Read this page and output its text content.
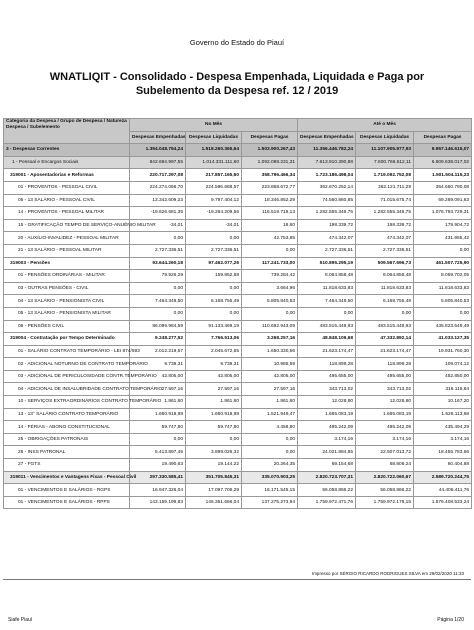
Governo do Estado do Piauí
WNATLIQIT - Consolidado - Despesa Empenhada, Liquidada e Paga por Subelemento da Despesa ref. 12 / 2019
Categoria da Despesa / Grupo de Despesa / Natureza Despesa / Subelemento	No Mês			Até o Mês		
	Despesas Empenhadas	Despesas Liquidadas	Despesas Pagas	Despesas Empenhadas	Despesas Liquidadas	Despesas Pagas
3 - Despesas Correntes	1.394.048.794,24	1.518.260.365,64	1.503.900.267,43	11.356.446.782,24	11.107.905.977,93	9.957.146.615,07
1 - Pessoal e Encargos Sociais	842.694.997,55	1.014.331.111,60	1.092.098.231,31	7.613.910.390,88	7.600.766.512,11	6.609.638.017,02
319001 - Aposentadorias e Reformas	220.717.297,08	217.857.165,60	358.796.466,34	1.723.186.498,04	1.719.092.752,08	1.501.504.115,23
01 - PROVENTOS - PESSOAL CIVIL	224.274.066,70	224.596.668,57	223.868.672,77	362.670.252,14	362.121.711,29	354.660.790,08
05 - 13 SALÁRIO - PESSOAL CIVIL	13.342.609,23	9.797.404,12	18.346.852,29	74.560.860,85	71.015.675,74	69.269.091,63
14 - PROVENTOS - PESSOAL MILITAR	-19.626.681,35	-19.264.209,56	116.519.719,13	1.282.555.346,75	1.282.555.346,75	1.076.793.729,31
15 - GRATIFICAÇÃO TEMPO DE SERVIÇO-ANUÊNIO MILITAR	-34,01	-34,01	18,60	198.339,72	198.339,72	179.904,72
20 - AUXÍLIO-INVALIDEZ - PESSOAL MILITAR	0,00	0,00	42.753,85	474.342,07	474.342,07	431.955,42
21 - 13 SALÁRIO - PESSOAL MILITAR	2.727.336,51	2.727.336,51	0,00	2.727.336,51	2.727.336,51	0,00
319003 - Pensões	93.644.260,18	97.462.077,26	117.241.733,00	510.895.295,19	509.567.696,73	461.507.725,90
01 - PENSÕES ORDINÁRIAS - MILITAR	79.926,29	159.852,58	739.284,42	8.064.858,48	8.064.858,48	8.059.702,05
03 - OUTRAS PENSÕES - CIVIL	0,00	0,00	3.664,96	11.818.633,83	11.818.633,83	11.818.633,83
04 - 13 SALÁRIO - PENSIONISTA CIVIL	7.464.349,50	6.168.755,49	5.805.840,53	7.464.349,50	6.168.755,49	5.805.840,53
05 - 13 SALÁRIO - PENSIONISTA MILITAR	0,00	0,00	0,00	0,00	0,00	0,00
06 - PENSÕES CIVIL	86.099.984,59	91.133.469,19	110.692.943,09	483.515.449,93	483.515.448,93	435.823.549,49
319004 - Contratação por Tempo Determinado	9.248.277,52	7.766.513,06	3.268.257,16	48.848.109,68	47.332.892,14	41.033.127,35
01 - SALÁRIO CONTRATO TEMPORÁRIO - LEI 874/593	2.012.219,57	2.045.672,65	1.650.330,56	21.623.174,47	21.623.174,47	19.931.760,30
02 - ADICIONAL NOTURNO DE CONTRATO TEMPORÁRIO	9.739,31	9.739,31	10.985,59	118.899,28	118.899,28	109.074,12
03 - ADICIONAL DE PERICULOSIDADE CONTR.TEMPORÁRIO	42.805,00	42.805,00	42.805,00	495.655,00	495.655,00	452.850,00
04 - ADICIONAL DE INSALUBRIDADE CONTRATO TEMPORÁRIO	27.597,16	27.597,16	27.597,16	343.713,02	343.713,02	316.115,84
10 - SERVIÇOS EXTRAORDINÁRIOS CONTRATO TEMPORÁRIO	1.861,60	1.861,60	1.861,60	12.028,80	12.028,80	10.167,20
13 - 13° SALÁRIO CONTRATO TEMPORÁRIO	1.660.918,98	1.660.918,98	1.521.949,47	1.665.083,19	1.665.083,19	1.526.113,68
14 - FÉRIAS - ABONO CONSTITUCIONAL	59.747,80	59.747,80	4.458,80	495.242,09	495.242,09	435.494,29
25 - OBRIGAÇÕES PATRONAIS	0,00	0,00	0,00	3.174,16	3.174,16	3.174,16
26 - INSS PATRONAL	5.413.897,45	3.899.026,32	0,00	24.021.884,85	22.507.013,72	18.455.783,56
27 - FGTS	19.490,63	19.144,22	20.264,35	69.154,68	68.808,24	60.404,88
319011 - Vencimentos e Vantagens Fixas - Pessoal Civil	297.330.585,41	351.705.845,31	335.070.903,25	2.820.723.707,31	2.820.722.060,67	2.589.720.244,75
01 - VENCIMENTOS E SALÁRIOS - RGPS	16.947.326,04	17.097.706,29	16.171.545,15	56.058.866,22	56.058.866,22	44.406.411,76
01 - VENCIMENTOS E SALÁRIOS - RPPS	143.159.199,83	146.351.666,04	137.275.273,94	1.759.972.471,76	1.759.972.176,15	1.576.408.533,24
Impresso por SÉRGIO RICARDO RODRIGUES SILVA em 29/02/2020 11:33
Siafe Piauí	Página 1/20
